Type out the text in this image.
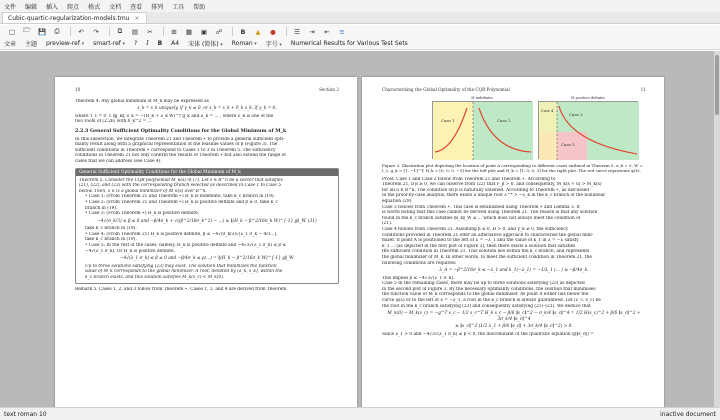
文件 编辑 插入 爬点 格式 文档 查看 排列 工具 帮助
Cubic-quartic-regularization-models.tmu ×
□	🗁	💾	⎙	↶	↷	⧉	▤	✂	⊞	▦	▣	☍	B	▲	●	☰	⇥	⇤	≡
文章 主题 preview-ref ▾	smart-ref ▾	? I B A4 宋体 (简体) ▾	Roman ▾	字号 ▾	Numerical Results for Various Test Sets
10	Section 2
Theorem 4. Any global minimum of M_k may be expressed as
s_k = s_k uniquely, if γ_k ≠ 0, or s_k = s_k + δ_k v_k, if γ_k = 0,
where τ_1 = σ_1 ∥g_k∥, s_k = −(H_k + λ_k W)^† g_k and λ_k = ... , where λ_k is one of the
two roots of (2.26) with δ_k^2 = ...
2.2.3 General Sufficient Optimality Conditions for the Global Minimum of M_k
In this subsection, we integrate Theorem 21 and Theorem ∗ to provide a general sufficient opti-
mality result along with a graphical representation of the feasible values of β (Figure 3). The
sufficient conditions in Theorem ∗ correspond to Cases 1 to 3 in Theorem 5. The sufficiency
conditions in Theorem 21 not only confirm the results of Theorem ∗ but also extend the range of
cases that we can address (see Case 4).
General Sufficient Optimality Conditions for the Global Minimum of M_k
Theorem 5. Consider the CQR polynomial M_k(s) in (7). Let s ∈ R^n be a vector that satisfies
(21), (22), and (23) with the corresponding branch selected as described in Case 1 to Case 5
below. Then, s_k is a global minimizer of M_k(s) over R^n.
• Case 1: (From Theorem 21 and Theorem ∗) H_k is indefinite, take k_c branch in (19).
• Case 2: (From Theorem 21 and Theorem ∗) H_k is positive definite and β ≥ 0, take k_c
branch in (19).
• Case 3: (From Theorem ∗) H_k is positive definite,
−4√(σ_k/3) ≤ β ≤ 0 and −β/4σ_k + √((β^2/16σ_k^2) − ...) ≥ ∥(H_k − β^2/16σ_k W)^{-1} g∥_W. (31)
take k_c branch in (19).
• Case 4: (From Theorem 21) H_k is positive definite, β ≤ −4√(σ_k/3)√(λ_1 σ_k − 4/3...),
take k_c branch in (19).
• Case 5: In the rest of the cases, namely, H_k is positive definite and −4√3√(λ_1 σ_k) ≤ β ≤
−4√(λ_1 σ_k). Or H_k is positive definite,
−4√(λ_1 σ_k) ≤ β ≤ 0 and −β/4σ_k ≤ ρ(...) = ∥(H_k − β^2/16σ_k W)^{-1} g∥_W.
Up to three solutions satisfying (23) may exist. The solution that minimizes the function
value of M_k corresponds to the global minimizer. A root, denoted by (λ_k, s_k), within the
k_c branch exists, and this solution satisfies M_k(s_c) < M_k(0).
Remark 5. Cases 1, 2, and 3 follow from Theorem ∗. Cases 1, 2, and 4 are derived from Theorem
Characterising the Global Optimality of the CQR Polynomial	11
H indefinite
Case 1	Case 2
H positive definite
Case 3
Case 4
Case 5
Figure 3. Illustration plot depicting the location of point A corresponding to different cases outlined in Theorem 5. σ_k = 5, W = I_2, g_k = [1, −1]^T, H_k = [0, 0; 0, −3] for the left plot and H_k = [1, 0; 0, 3] for the right plot. The red curve represents φ(λ).
Proof. Case 1 and Case 2 follow from Theorem 21 and Theorem ∗. According to
Theorem 21, if β ≥ 0, we can observe from (22) that F_β > 0, and consequently, M_k(s + u) > M_k(s)
for all u ∈ R^n. The condition on β is naturally satisfied. According to Theorem ∗, as discussed
in the proof-by-case analysis, there exists a unique root λ^* > −λ_k in the k_c branch of the nonlinear
equation (29).
Case 3 follows from Theorem ∗. This case is established using Theorem ∗ and Lemma 3. It
is worth noting that this case cannot be derived using Theorem 21. The reason is that any solution
found in the k_c branch satisfies ∥s_k∥_W ≤ ... which does not always meet the condition of
(21).
Case 4 follows from Theorem 21. Assuming β ≤ 0, H > 0, and γ_k ≠ 0, the sufficiency
conditions provided in Theorem 21 offer an alternative approach to characterise the global mini-
mizer. If point A is positioned to the left of λ = −λ_1 and the value of k_1 in λ = −λ satisfy
k_1 ... (as depicted in the first plot of Figure 3), then there exists a solution that satisfies
the sufficient condition in Theorem 21. This solution lies within the k_c branch, and represents
the global minimizer of M_k. In other words, to meet the sufficient condition in Theorem 21, the
following conditions are required:
λ_A = −β^2/16σ_k ≤ −λ_1 and k_1(−λ_1) = −1/λ_1 (... ) ≥ −β/4σ_k.
This implies β ≤ −4√3√(λ_1 σ_k).
Case 5 In the remaining cases, there may be up to three solutions satisfying (23) as depicted
in the second plot of Figure 3. By the necessary optimality conditions, the solution that minimises
the function value of M_k corresponds to the global minimiser. As point A either lies below the
curve φ(λ) or to the left of λ = −λ_1, a root in the k_c branch is always guaranteed. Let (λ_c, s_c) be
the root in the k_c branch satisfying (23) and consequently satisfying (21)–(23). We deduce that
M_k(0) − M_k(s_c) = −g^T s_c − 1/2 s_c^T H_k s_c − β/6 ∥s_c∥^2 − σ_k/4 ∥s_c∥^4 = 1/2 H(s_c)^2 + β/6 ∥s_c∥^2 + 3σ_k/4 ∥s_c∥^4
≥ ∥s_c∥^2 (1/2 λ_1 + β/6 ∥s_c∥ + 3σ_k/4 ∥s_c∥^2) > 0.
Since λ_1 > 0 and −4√3√(λ_1 σ_k) ≤ β < 0, the discriminant of the quadratic equation q(∥s_c∥) =
text roman 10	inactive document
